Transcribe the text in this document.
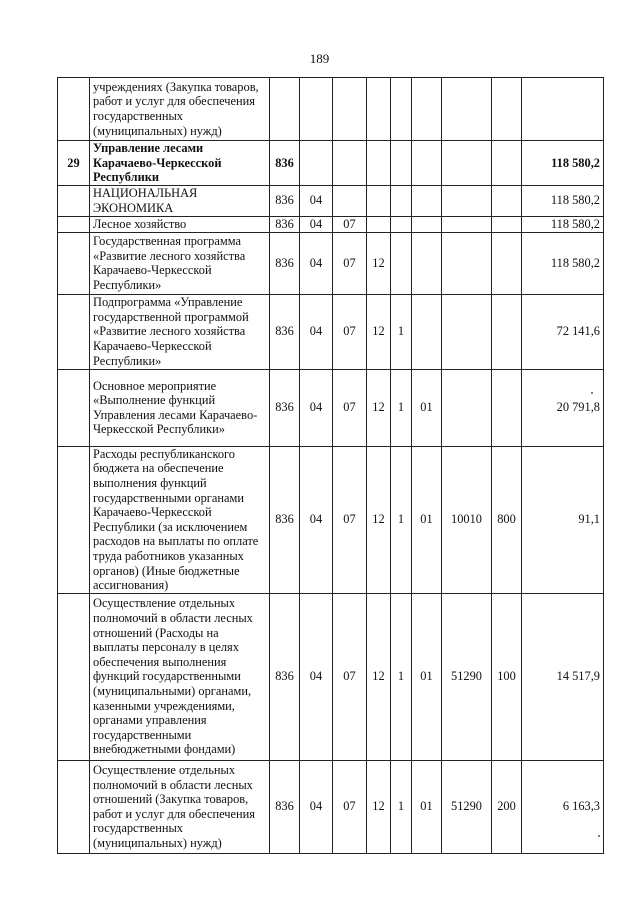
189
	учреждениях (Закупка товаров, работ и услуг для обеспечения государственных (муниципальных) нужд)									
29	Управление лесами Карачаево-Черкесской Республики	836								118 580,2
	НАЦИОНАЛЬНАЯ ЭКОНОМИКА	836	04							118 580,2
	Лесное хозяйство	836	04	07						118 580,2
	Государственная программа «Развитие лесного хозяйства Карачаево-Черкесской Республики»	836	04	07	12					118 580,2
	Подпрограмма «Управление государственной программой «Развитие лесного хозяйства Карачаево-Черкесской Республики»	836	04	07	12	1				72 141,6
	Основное мероприятие «Выполнение функций Управления лесами Карачаево-Черкесской Республики»	836	04	07	12	1	01			20 791,8
	Расходы республиканского бюджета на обеспечение выполнения функций государственными органами Карачаево-Черкесской Республики (за исключением расходов на выплаты по оплате труда работников указанных органов) (Иные бюджетные ассигнования)	836	04	07	12	1	01	10010	800	91,1
	Осуществление отдельных полномочий в области лесных отношений (Расходы на выплаты персоналу в целях обеспечения выполнения функций государственными (муниципальными) органами, казенными учреждениями, органами управления государственными внебюджетными фондами)	836	04	07	12	1	01	51290	100	14 517,9
	Осуществление отдельных полномочий в области лесных отношений (Закупка товаров, работ и услуг для обеспечения государственных (муниципальных) нужд)	836	04	07	12	1	01	51290	200	6 163,3
